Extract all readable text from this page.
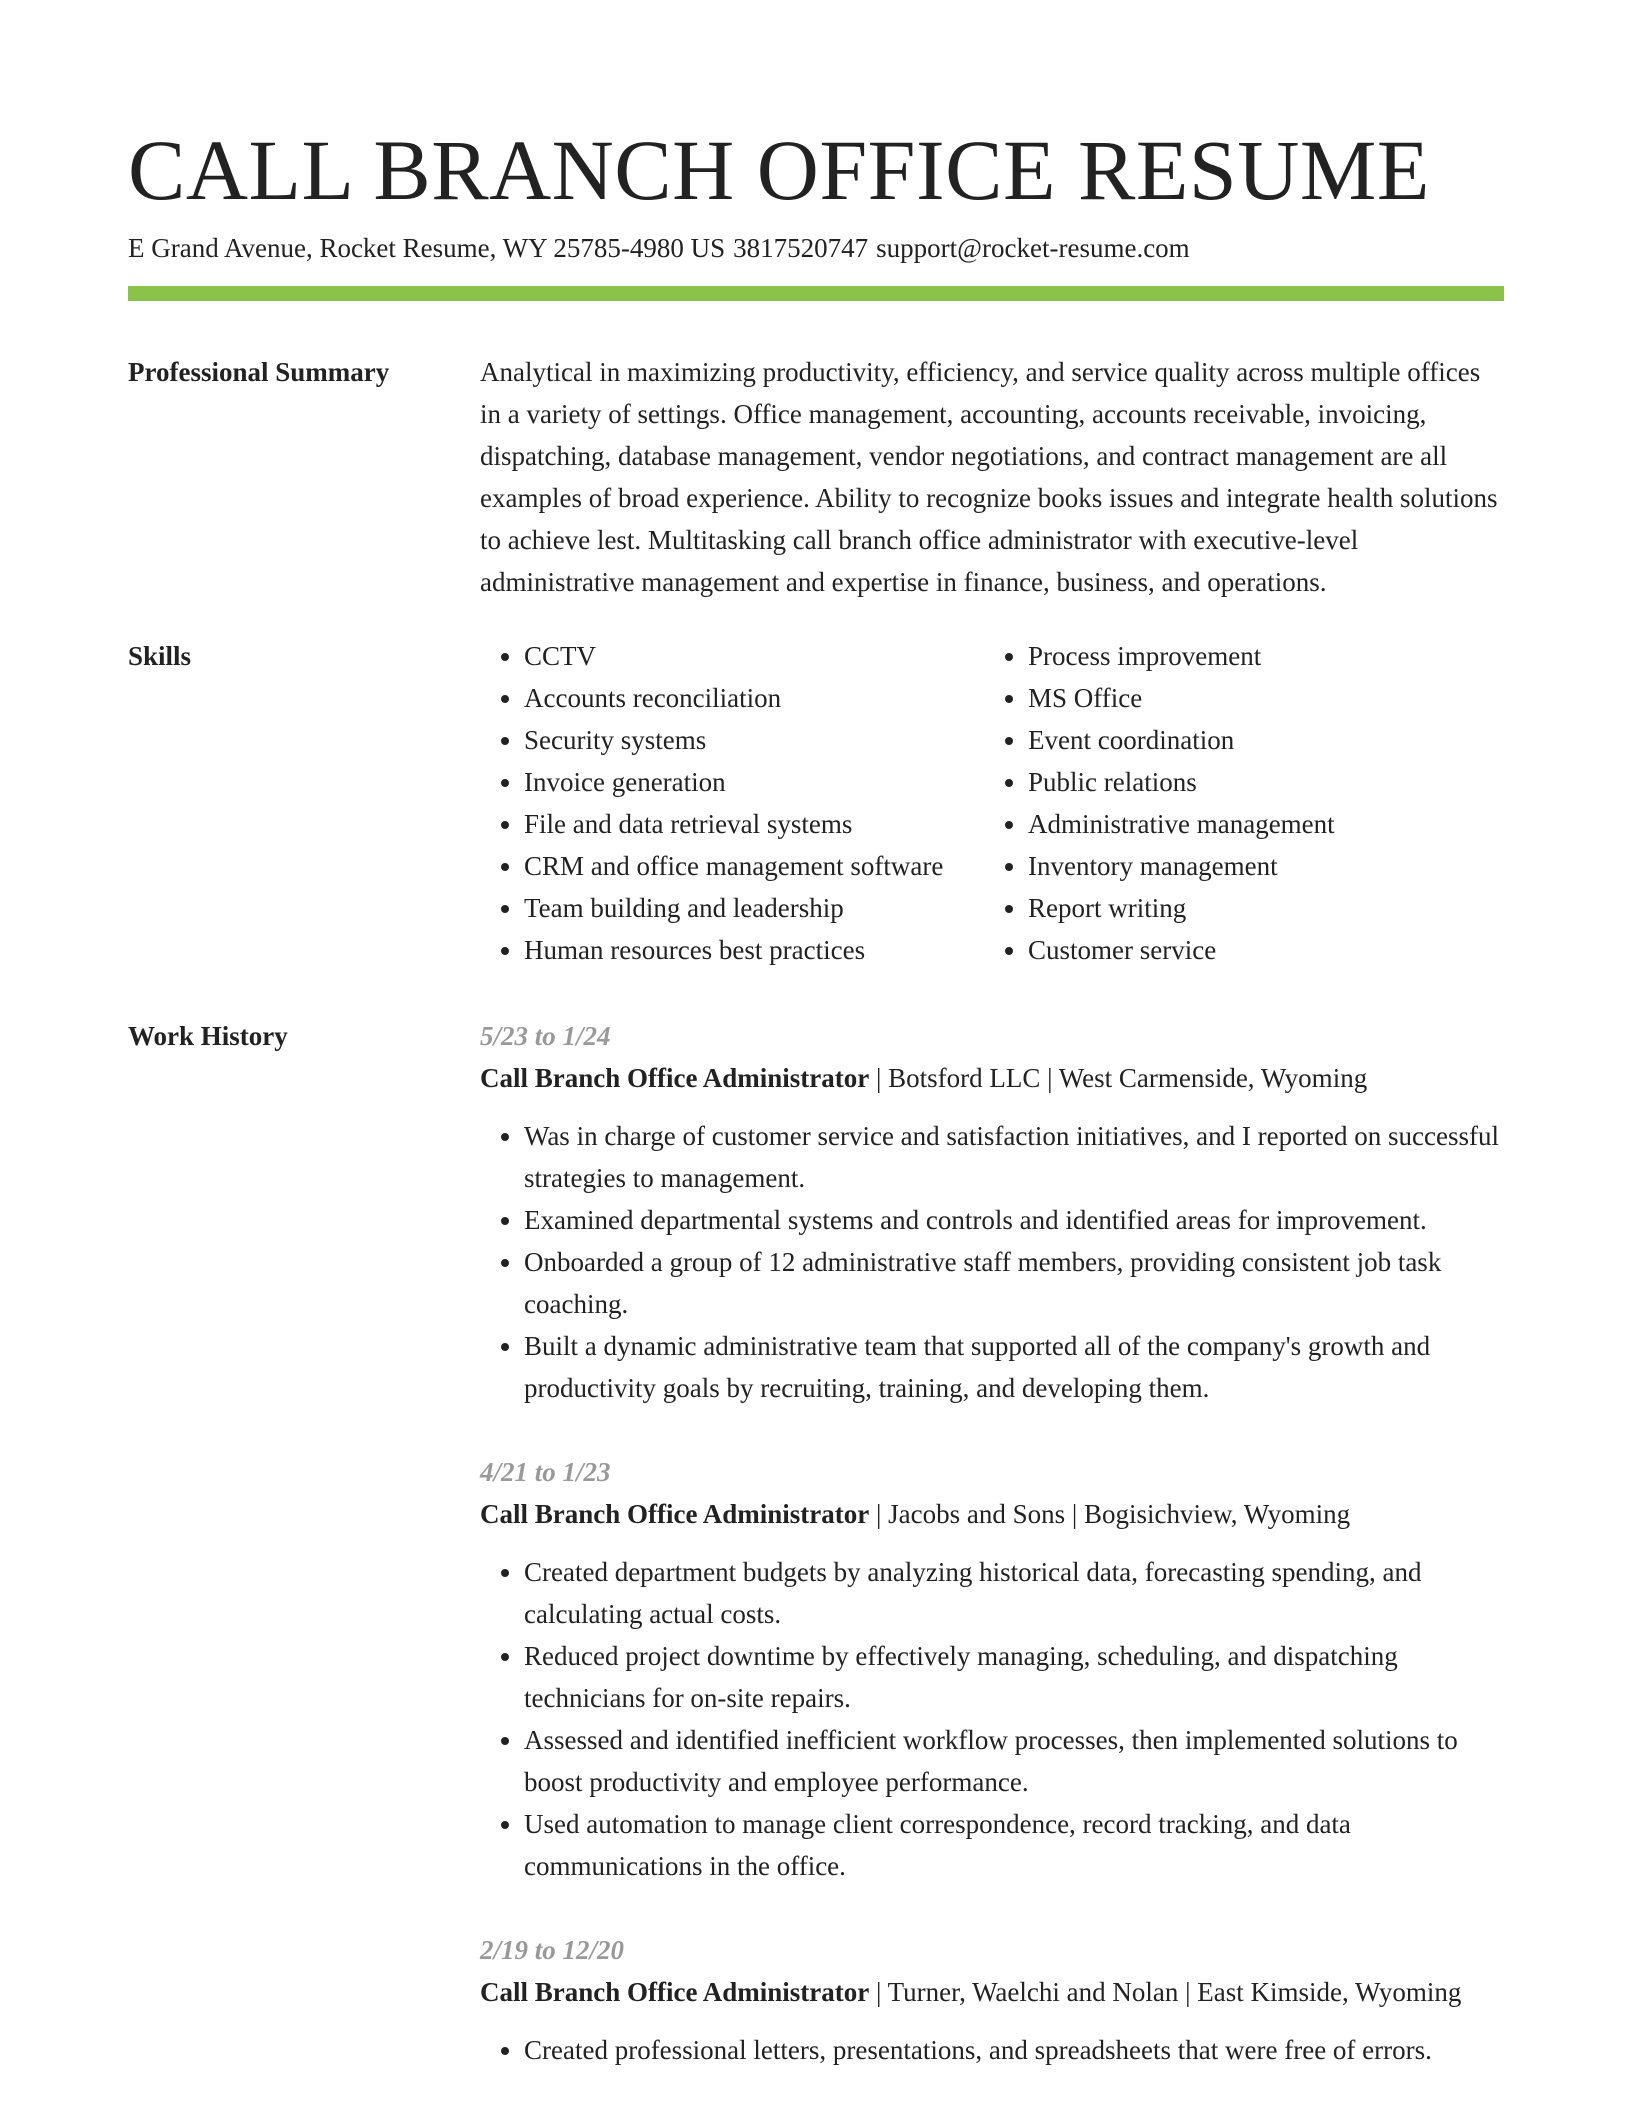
CALL BRANCH OFFICE RESUME
E Grand Avenue, Rocket Resume, WY 25785-4980 US 3817520747 support@rocket-resume.com
Professional Summary	Analytical in maximizing productivity, efficiency, and service quality across multiple offices in a variety of settings. Office management, accounting, accounts receivable, invoicing, dispatching, database management, vendor negotiations, and contract management are all examples of broad experience. Ability to recognize books issues and integrate health solutions to achieve lest. Multitasking call branch office administrator with executive-level administrative management and expertise in finance, business, and operations.

Skills
•	CCTV
• Accounts reconciliation
• Security systems
• Invoice generation
• File and data retrieval systems
• CRM and office management software
• Team building and leadership
• Human resources best practices
• Process improvement
• MS Office
• Event coordination
• Public relations
• Administrative management
• Inventory management
• Report writing
• Customer service
Work History	5/23 to 1/24
Call Branch Office Administrator | Botsford LLC | West Carmenside, Wyoming
• Was in charge of customer service and satisfaction initiatives, and I reported on successful strategies to management.
• Examined departmental systems and controls and identified areas for improvement.
• Onboarded a group of 12 administrative staff members, providing consistent job task coaching.
• Built a dynamic administrative team that supported all of the company's growth and productivity goals by recruiting, training, and developing them.
4/21 to 1/23
Call Branch Office Administrator | Jacobs and Sons | Bogisichview, Wyoming
• Created department budgets by analyzing historical data, forecasting spending, and calculating actual costs.
• Reduced project downtime by effectively managing, scheduling, and dispatching technicians for on-site repairs.
• Assessed and identified inefficient workflow processes, then implemented solutions to boost productivity and employee performance.
• Used automation to manage client correspondence, record tracking, and data communications in the office.
2/19 to 12/20
Call Branch Office Administrator | Turner, Waelchi and Nolan | East Kimside, Wyoming
• Created professional letters, presentations, and spreadsheets that were free of errors.
